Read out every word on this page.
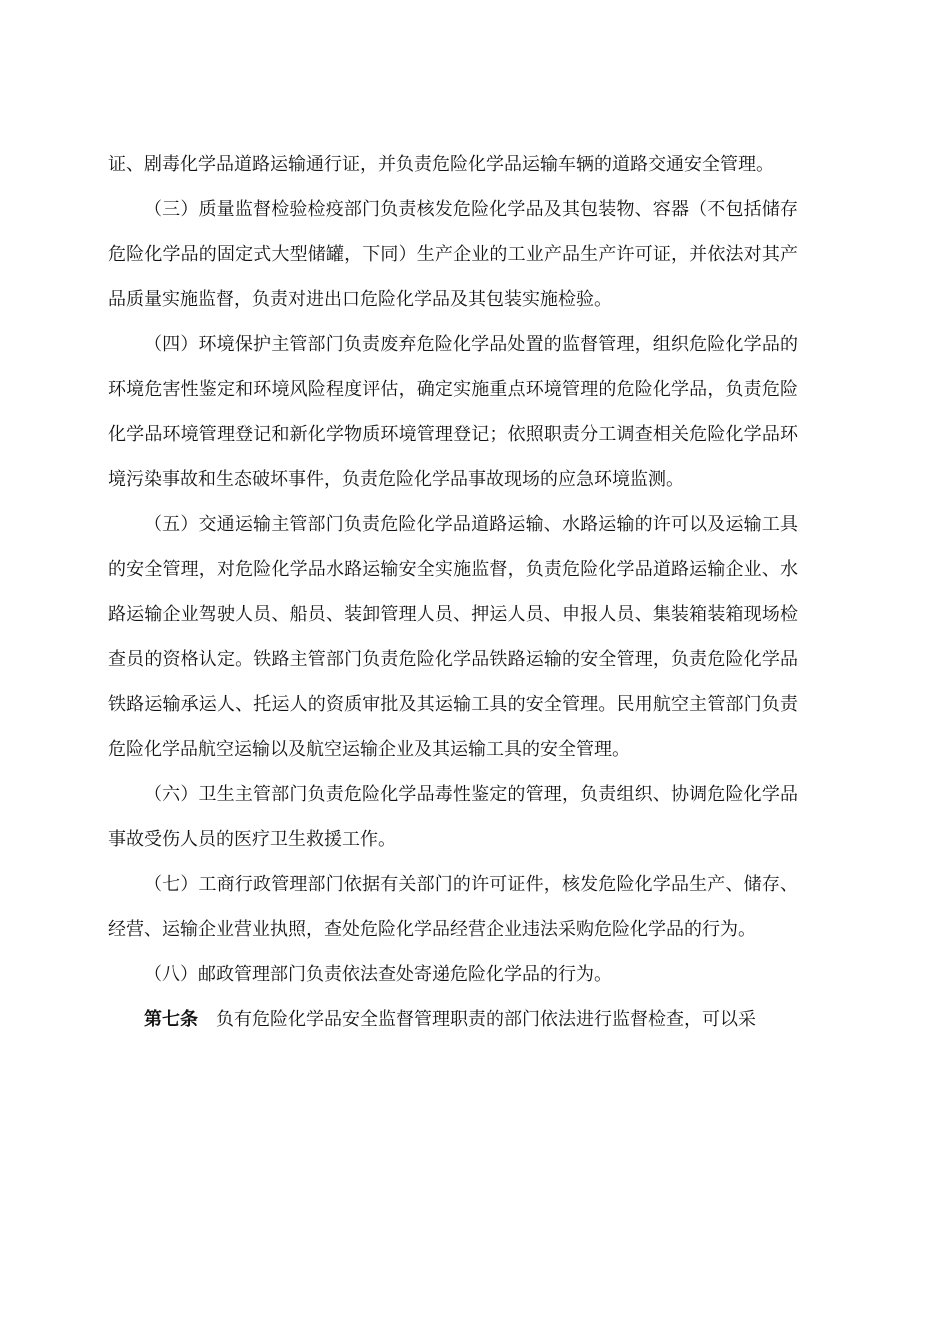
证、剧毒化学品道路运输通行证，并负责危险化学品运输车辆的道路交通安全管理。

（三）质量监督检验检疫部门负责核发危险化学品及其包装物、容器（不包括储存危险化学品的固定式大型储罐，下同）生产企业的工业产品生产许可证，并依法对其产品质量实施监督，负责对进出口危险化学品及其包装实施检验。

（四）环境保护主管部门负责废弃危险化学品处置的监督管理，组织危险化学品的环境危害性鉴定和环境风险程度评估，确定实施重点环境管理的危险化学品，负责危险化学品环境管理登记和新化学物质环境管理登记；依照职责分工调查相关危险化学品环境污染事故和生态破坏事件，负责危险化学品事故现场的应急环境监测。

（五）交通运输主管部门负责危险化学品道路运输、水路运输的许可以及运输工具的安全管理，对危险化学品水路运输安全实施监督，负责危险化学品道路运输企业、水路运输企业驾驶人员、船员、装卸管理人员、押运人员、申报人员、集装箱装箱现场检查员的资格认定。铁路主管部门负责危险化学品铁路运输的安全管理，负责危险化学品铁路运输承运人、托运人的资质审批及其运输工具的安全管理。民用航空主管部门负责危险化学品航空运输以及航空运输企业及其运输工具的安全管理。

（六）卫生主管部门负责危险化学品毒性鉴定的管理，负责组织、协调危险化学品事故受伤人员的医疗卫生救援工作。

（七）工商行政管理部门依据有关部门的许可证件，核发危险化学品生产、储存、经营、运输企业营业执照，查处危险化学品经营企业违法采购危险化学品的行为。

（八）邮政管理部门负责依法查处寄递危险化学品的行为。

第七条 负有危险化学品安全监督管理职责的部门依法进行监督检查，可以采
